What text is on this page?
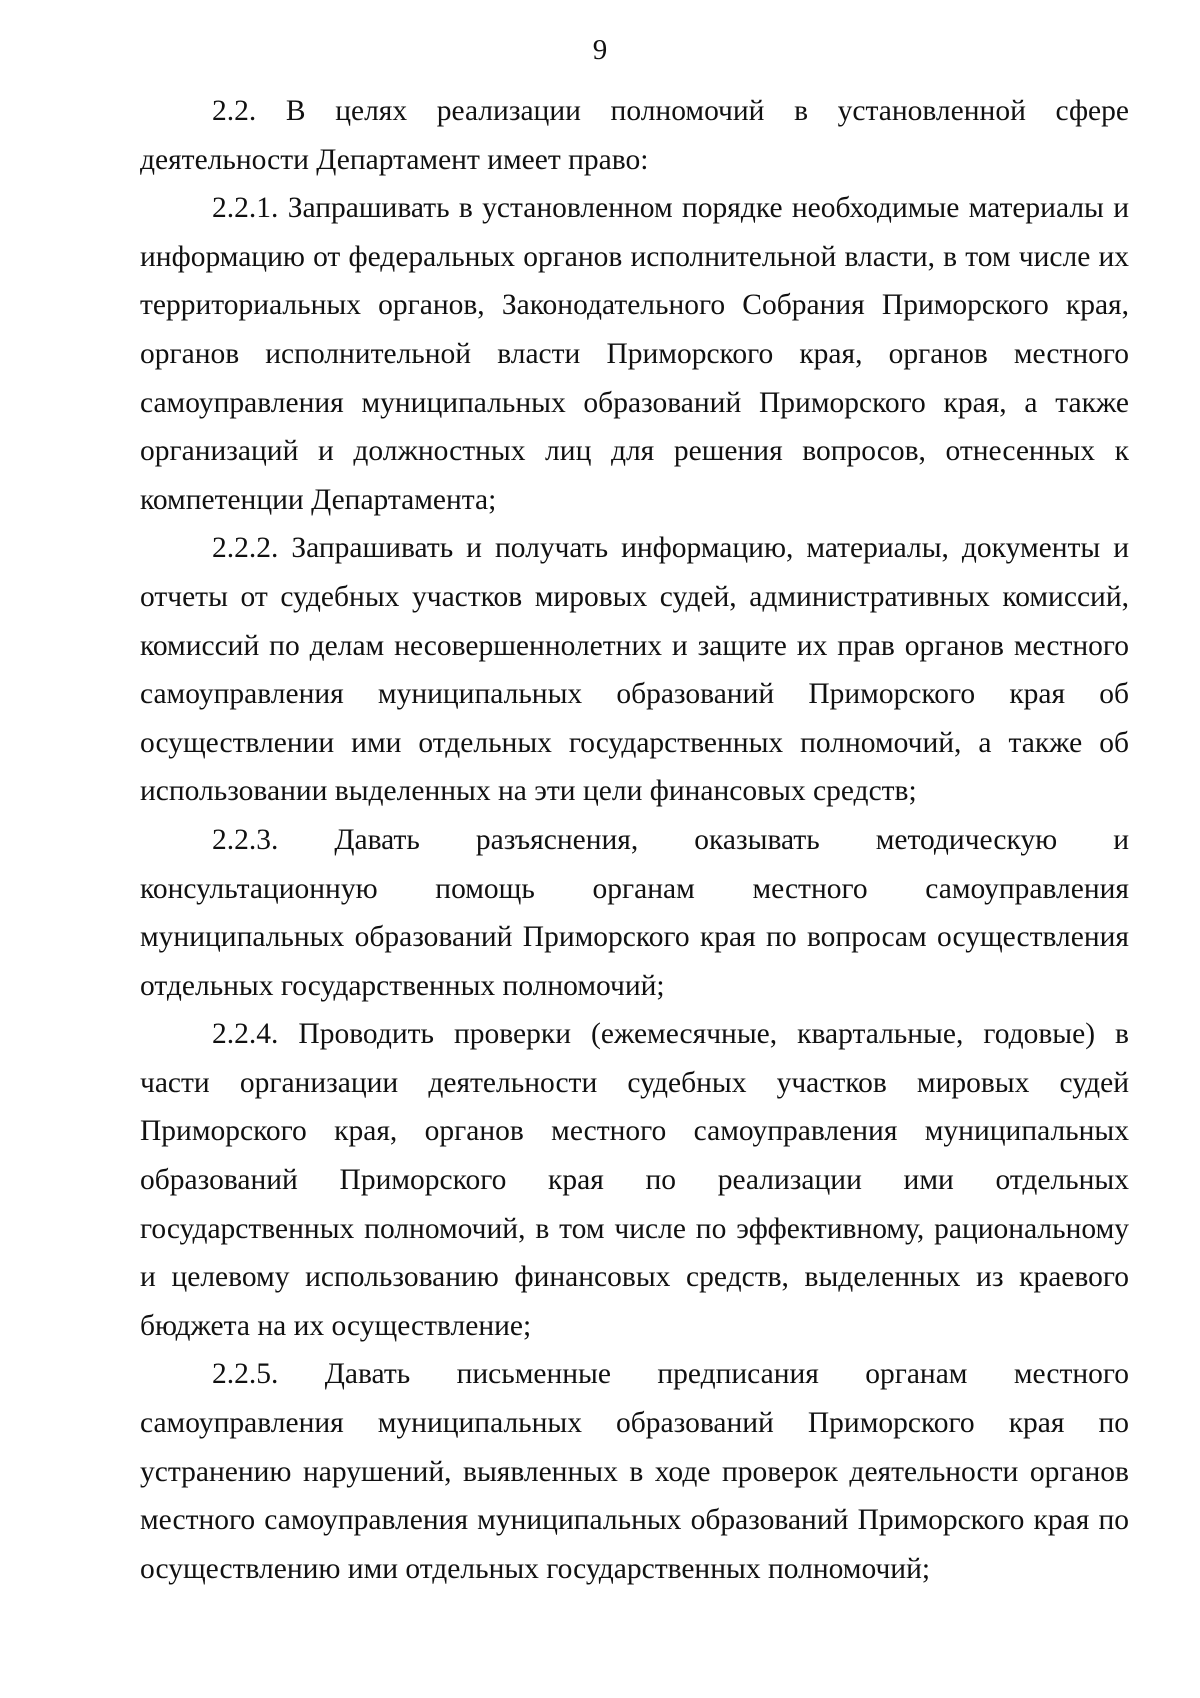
9

2.2. В целях реализации полномочий в установленной сфере деятельности Департамент имеет право:

2.2.1. Запрашивать в установленном порядке необходимые материалы и информацию от федеральных органов исполнительной власти, в том числе их территориальных органов, Законодательного Собрания Приморского края, органов исполнительной власти Приморского края, органов местного самоуправления муниципальных образований Приморского края, а также организаций и должностных лиц для решения вопросов, отнесенных к компетенции Департамента;

2.2.2. Запрашивать и получать информацию, материалы, документы и отчеты от судебных участков мировых судей, административных комиссий, комиссий по делам несовершеннолетних и защите их прав органов местного самоуправления муниципальных образований Приморского края об осуществлении ими отдельных государственных полномочий, а также об использовании выделенных на эти цели финансовых средств;

2.2.3. Давать разъяснения, оказывать методическую и консультационную помощь органам местного самоуправления муниципальных образований Приморского края по вопросам осуществления отдельных государственных полномочий;

2.2.4. Проводить проверки (ежемесячные, квартальные, годовые) в части организации деятельности судебных участков мировых судей Приморского края, органов местного самоуправления муниципальных образований Приморского края по реализации ими отдельных государственных полномочий, в том числе по эффективному, рациональному и целевому использованию финансовых средств, выделенных из краевого бюджета на их осуществление;

2.2.5. Давать письменные предписания органам местного самоуправления муниципальных образований Приморского края по устранению нарушений, выявленных в ходе проверок деятельности органов местного самоуправления муниципальных образований Приморского края по осуществлению ими отдельных государственных полномочий;
